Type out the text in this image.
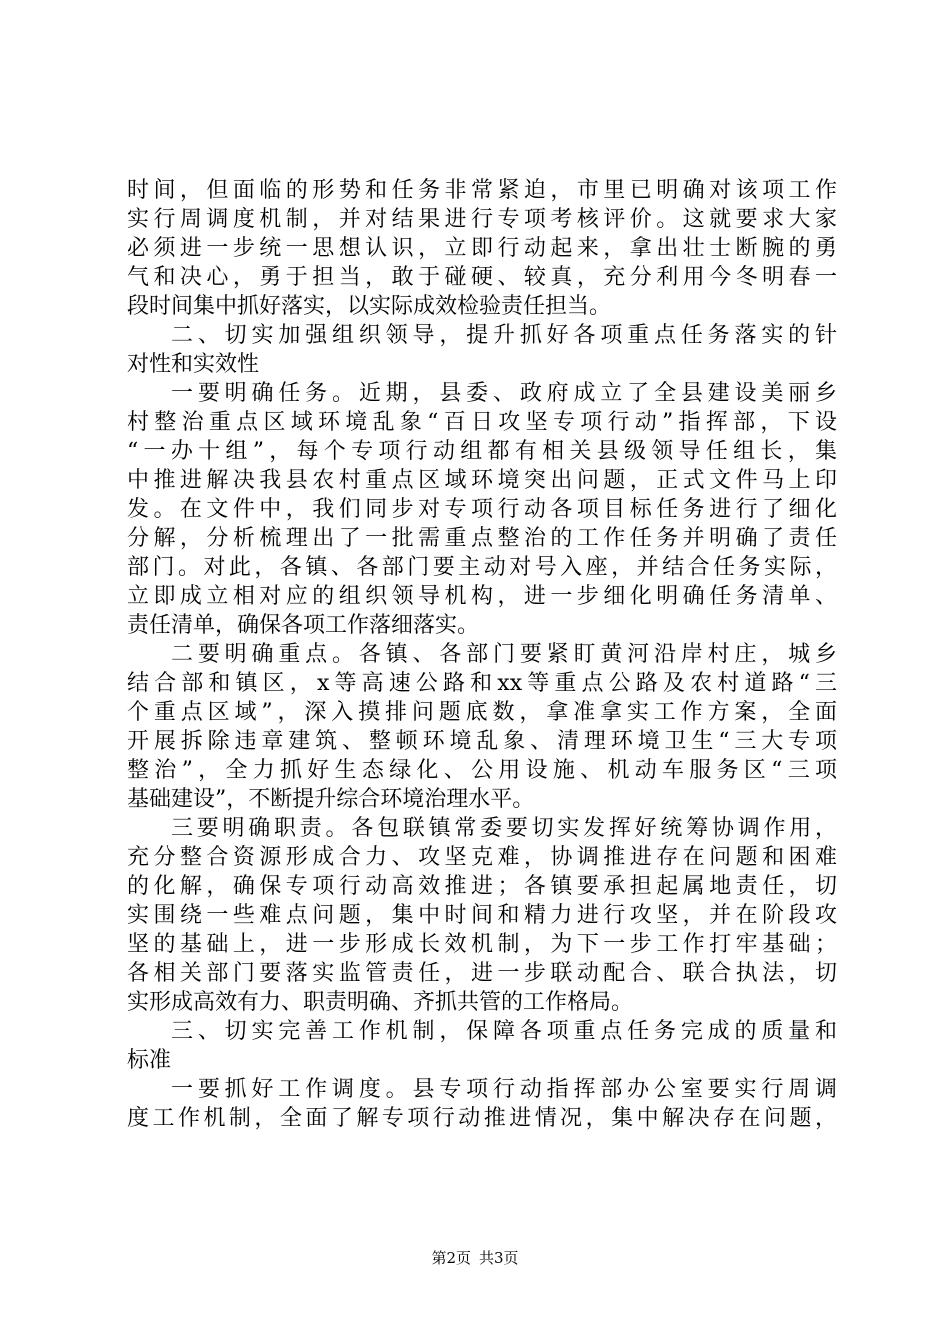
时间，但面临的形势和任务非常紧迫，市里已明确对该项工作
实行周调度机制，并对结果进行专项考核评价。这就要求大家
必须进一步统一思想认识，立即行动起来，拿出壮士断腕的勇
气和决心，勇于担当，敢于碰硬、较真，充分利用今冬明春一
段时间集中抓好落实，以实际成效检验责任担当。
二、切实加强组织领导，提升抓好各项重点任务落实的针
对性和实效性
一要明确任务。近期，县委、政府成立了全县建设美丽乡
村整治重点区域环境乱象“百日攻坚专项行动”指挥部，下设
“一办十组”，每个专项行动组都有相关县级领导任组长，集
中推进解决我县农村重点区域环境突出问题，正式文件马上印
发。在文件中，我们同步对专项行动各项目标任务进行了细化
分解，分析梳理出了一批需重点整治的工作任务并明确了责任
部门。对此，各镇、各部门要主动对号入座，并结合任务实际，
立即成立相对应的组织领导机构，进一步细化明确任务清单、
责任清单，确保各项工作落细落实。
二要明确重点。各镇、各部门要紧盯黄河沿岸村庄，城乡
结合部和镇区，x等高速公路和xx等重点公路及农村道路“三
个重点区域”，深入摸排问题底数，拿准拿实工作方案，全面
开展拆除违章建筑、整顿环境乱象、清理环境卫生“三大专项
整治”，全力抓好生态绿化、公用设施、机动车服务区“三项
基础建设”，不断提升综合环境治理水平。
三要明确职责。各包联镇常委要切实发挥好统筹协调作用，
充分整合资源形成合力、攻坚克难，协调推进存在问题和困难
的化解，确保专项行动高效推进；各镇要承担起属地责任，切
实围绕一些难点问题，集中时间和精力进行攻坚，并在阶段攻
坚的基础上，进一步形成长效机制，为下一步工作打牢基础；
各相关部门要落实监管责任，进一步联动配合、联合执法，切
实形成高效有力、职责明确、齐抓共管的工作格局。
三、切实完善工作机制，保障各项重点任务完成的质量和
标准
一要抓好工作调度。县专项行动指挥部办公室要实行周调
度工作机制，全面了解专项行动推进情况，集中解决存在问题，
第2页 共3页
